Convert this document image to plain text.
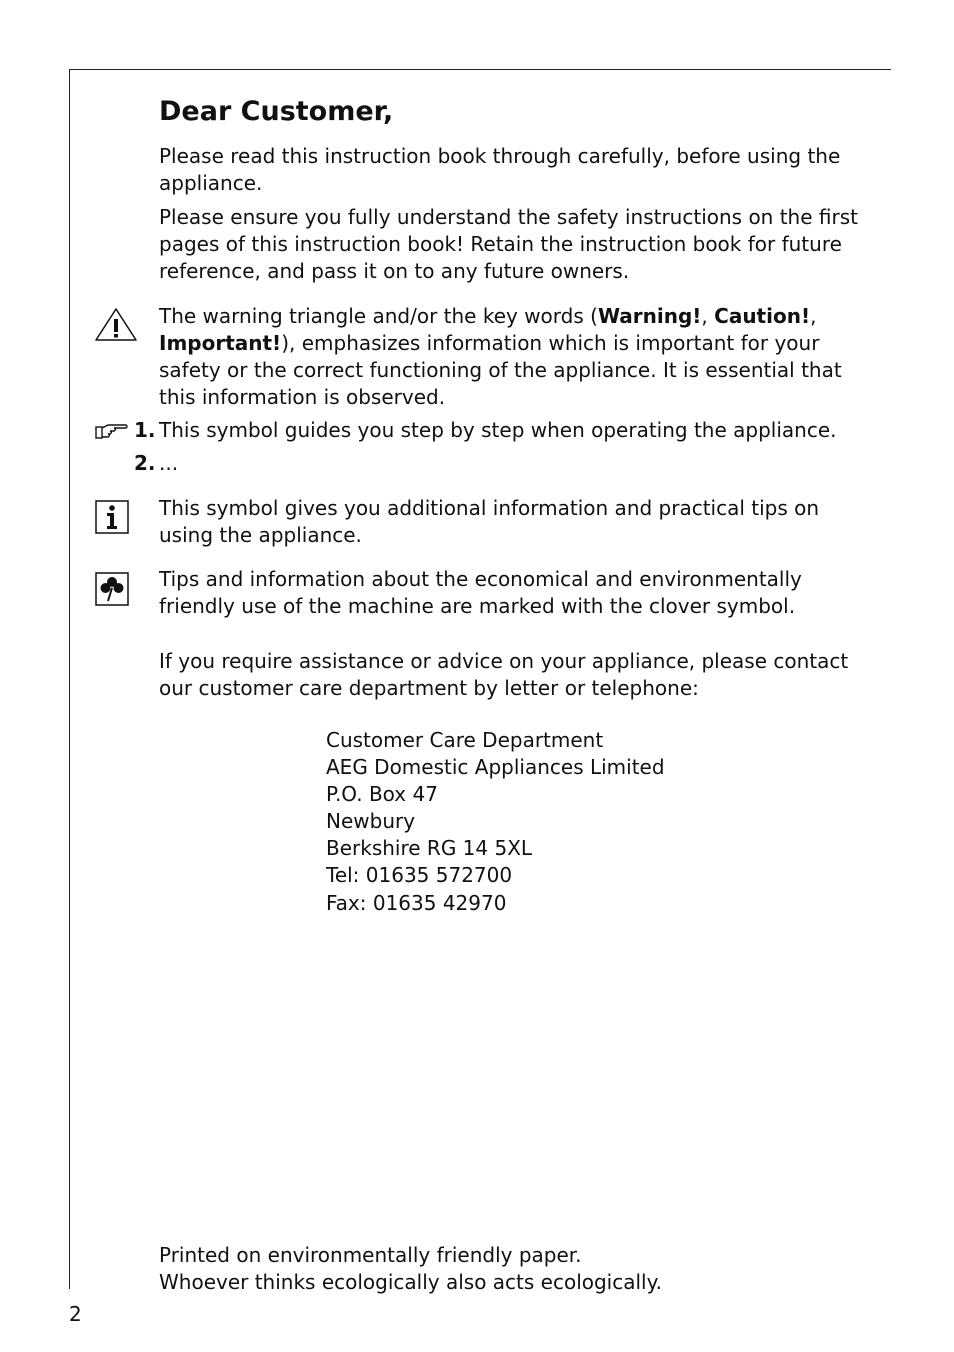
Dear Customer,
Please read this instruction book through carefully, before using the appliance.
Please ensure you fully understand the safety instructions on the first pages of this instruction book! Retain the instruction book for future reference, and pass it on to any future owners.
The warning triangle and/or the key words (Warning!, Caution!,
Important!), emphasizes information which is important for your safety or the correct functioning of the appliance. It is essential that this information is observed.
1. This symbol guides you step by step when operating the appliance.
2. ...
This symbol gives you additional information and practical tips on using the appliance.
Tips and information about the economical and environmentally friendly use of the machine are marked with the clover symbol.
If you require assistance or advice on your appliance, please contact our customer care department by letter or telephone:
Customer Care Department
AEG Domestic Appliances Limited
P.O. Box 47
Newbury
Berkshire RG 14 5XL
Tel: 01635 572700
Fax: 01635 42970
Printed on environmentally friendly paper.
Whoever thinks ecologically also acts ecologically.
2
